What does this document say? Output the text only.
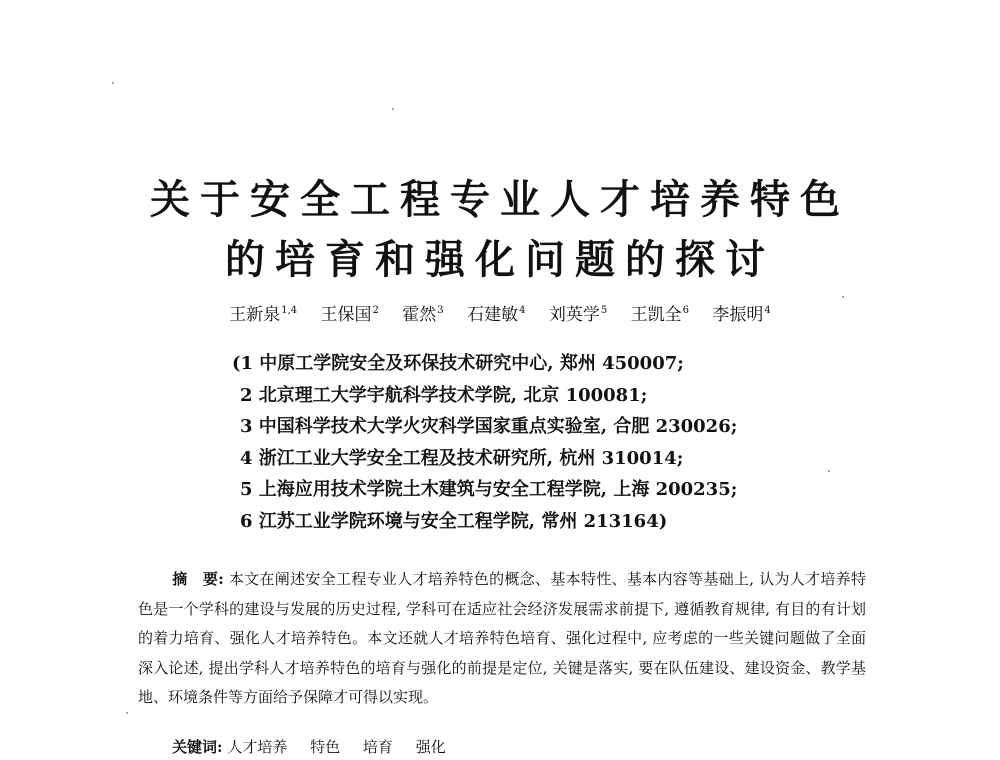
关于安全工程专业人才培养特色
的培育和强化问题的探讨
王新泉$^{1,4}$ 王保国$^2$ 霍然$^3$ 石建敏$^4$ 刘英学$^5$ 王凯全$^6$ 李振明$^4$
(1 中原工学院安全及环保技术研究中心, 郑州 450007;
2 北京理工大学宇航科学技术学院, 北京 100081;
3 中国科学技术大学火灾科学国家重点实验室, 合肥 230026;
4 浙江工业大学安全工程及技术研究所, 杭州 310014;
5 上海应用技术学院土木建筑与安全工程学院, 上海 200235;
6 江苏工业学院环境与安全工程学院, 常州 213164)
摘　要: 本文在阐述安全工程专业人才培养特色的概念、基本特性、基本内容等基础上, 认为人才培养特色是一个学科的建设与发展的历史过程, 学科可在适应社会经济发展需求前提下, 遵循教育规律, 有目的有计划的着力培育、强化人才培养特色。本文还就人才培养特色培育、强化过程中, 应考虑的一些关键问题做了全面深入论述, 提出学科人才培养特色的培育与强化的前提是定位, 关键是落实, 要在队伍建设、建设资金、教学基地、环境条件等方面给予保障才可得以实现。
关键词: 人才培养 特色 培育 强化
